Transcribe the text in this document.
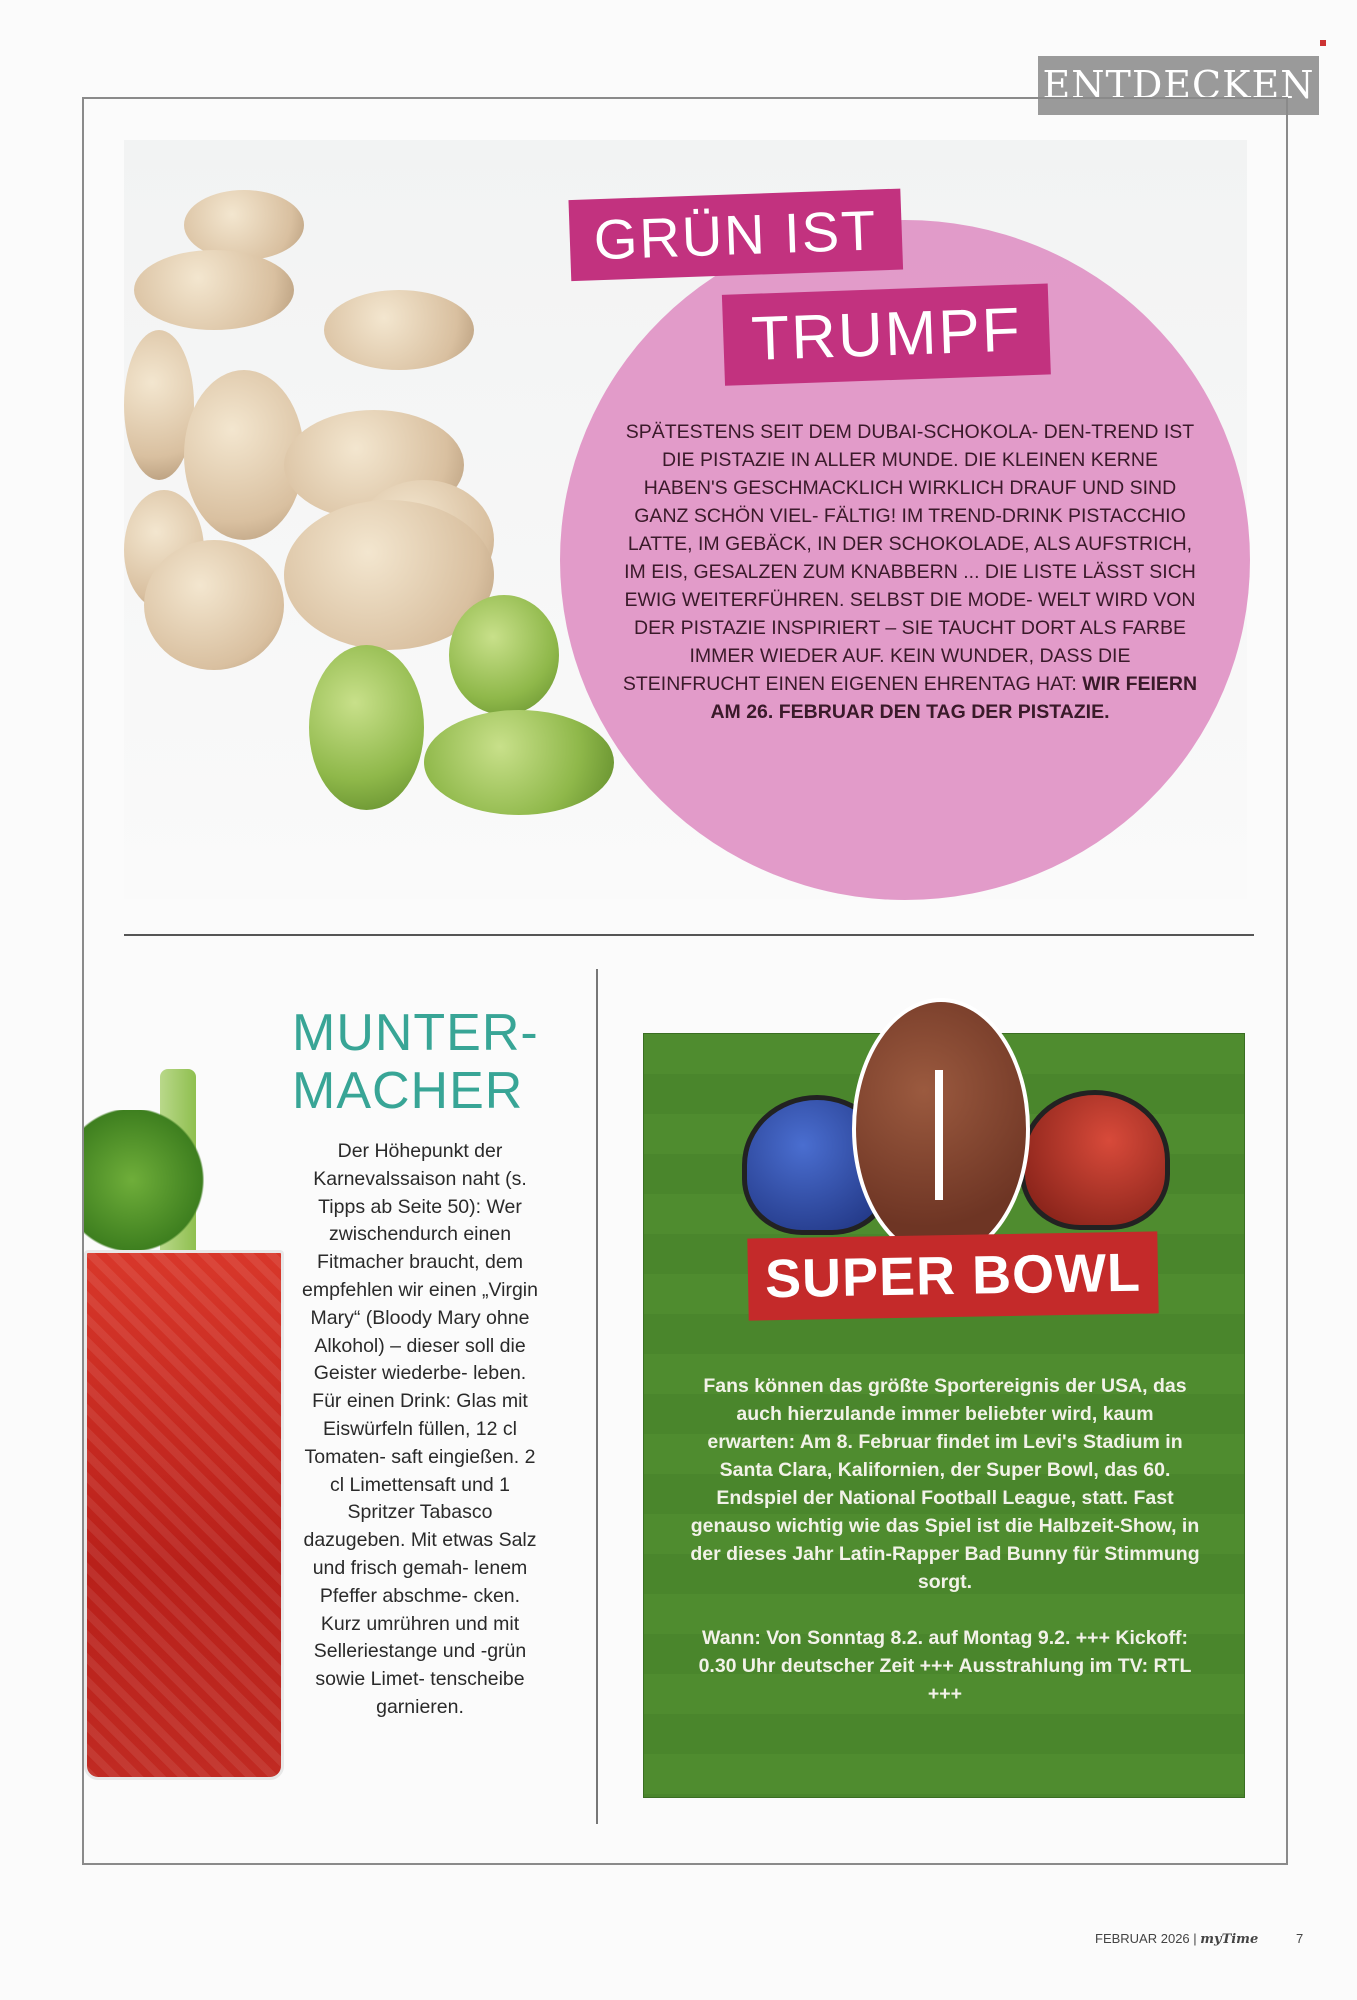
ENTDECKEN
GRÜN IST
TRUMPF
SPÄTESTENS SEIT DEM DUBAI-SCHOKOLA- DEN-TREND IST DIE PISTAZIE IN ALLER MUNDE. DIE KLEINEN KERNE HABEN'S GESCHMACKLICH WIRKLICH DRAUF UND SIND GANZ SCHÖN VIEL- FÄLTIG! IM TREND-DRINK PISTACCHIO LATTE, IM GEBÄCK, IN DER SCHOKOLADE, ALS AUFSTRICH, IM EIS, GESALZEN ZUM KNABBERN ... DIE LISTE LÄSST SICH EWIG WEITERFÜHREN. SELBST DIE MODE- WELT WIRD VON DER PISTAZIE INSPIRIERT – SIE TAUCHT DORT ALS FARBE IMMER WIEDER AUF. KEIN WUNDER, DASS DIE STEINFRUCHT EINEN EIGENEN EHRENTAG HAT: WIR FEIERN AM 26. FEBRUAR DEN TAG DER PISTAZIE.
MUNTER-
MACHER
Der Höhepunkt der Karnevalssaison naht (s. Tipps ab Seite 50): Wer zwischendurch einen Fitmacher braucht, dem empfehlen wir einen „Virgin Mary“ (Bloody Mary ohne Alkohol) – dieser soll die Geister wiederbe- leben. Für einen Drink: Glas mit Eiswürfeln füllen, 12 cl Tomaten- saft eingießen. 2 cl Limettensaft und 1 Spritzer Tabasco dazugeben. Mit etwas Salz und frisch gemah- lenem Pfeffer abschme- cken. Kurz umrühren und mit Selleriestange und -grün sowie Limet- tenscheibe garnieren.
SUPER BOWL
Fans können das größte Sportereignis der USA, das auch hierzulande immer beliebter wird, kaum erwarten: Am 8. Februar findet im Levi's Stadium in Santa Clara, Kalifornien, der Super Bowl, das 60. Endspiel der National Football League, statt. Fast genauso wichtig wie das Spiel ist die Halbzeit-Show, in der dieses Jahr Latin-Rapper Bad Bunny für Stimmung sorgt.
Wann: Von Sonntag 8.2. auf Montag 9.2. +++ Kickoff: 0.30 Uhr deutscher Zeit +++ Ausstrahlung im TV: RTL +++
FEBRUAR 2026 | myTime	7
